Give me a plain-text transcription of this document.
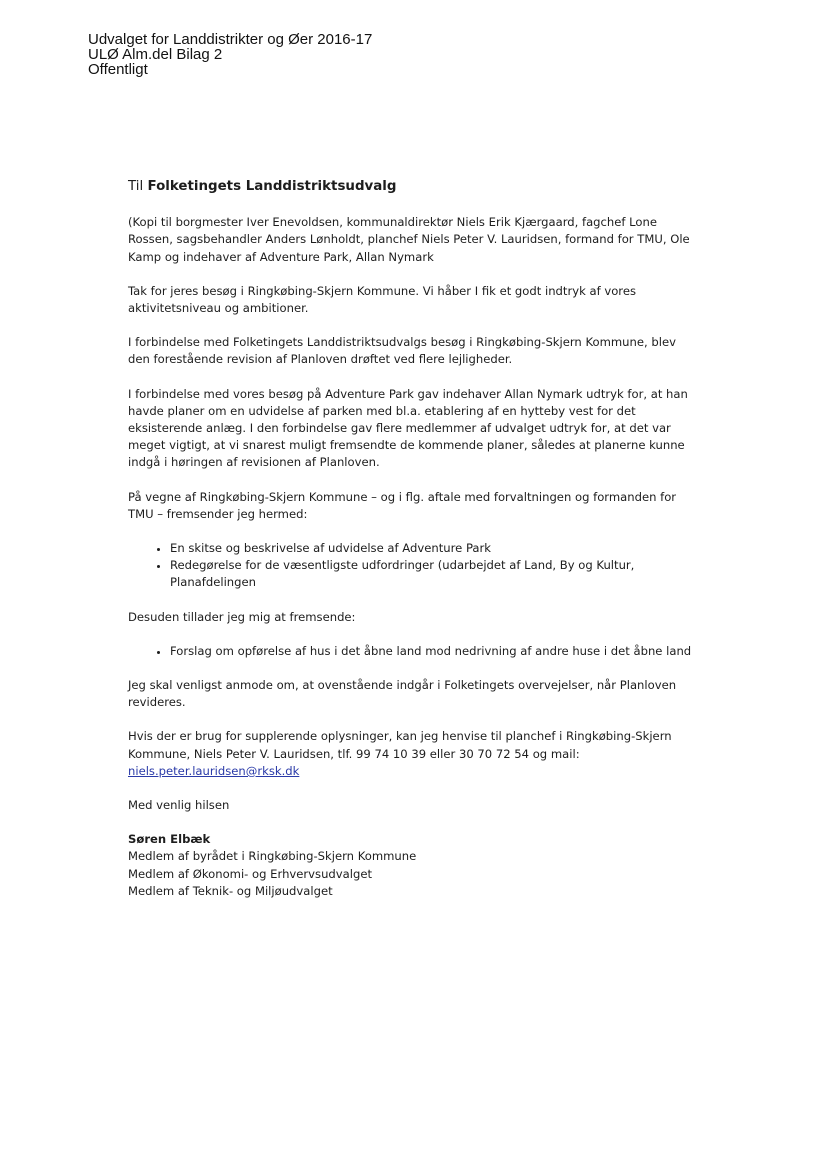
Udvalget for Landdistrikter og Øer 2016-17
ULØ Alm.del Bilag 2
Offentligt
Til Folketingets Landdistriktsudvalg

(Kopi til borgmester Iver Enevoldsen, kommunaldirektør Niels Erik Kjærgaard, fagchef Lone Rossen, sagsbehandler Anders Lønholdt, planchef Niels Peter V. Lauridsen, formand for TMU, Ole Kamp og indehaver af Adventure Park, Allan Nymark

Tak for jeres besøg i Ringkøbing-Skjern Kommune. Vi håber I fik et godt indtryk af vores aktivitetsniveau og ambitioner.

I forbindelse med Folketingets Landdistriktsudvalgs besøg i Ringkøbing-Skjern Kommune, blev den forestående revision af Planloven drøftet ved flere lejligheder.

I forbindelse med vores besøg på Adventure Park gav indehaver Allan Nymark udtryk for, at han havde planer om en udvidelse af parken med bl.a. etablering af en hytteby vest for det eksisterende anlæg. I den forbindelse gav flere medlemmer af udvalget udtryk for, at det var meget vigtigt, at vi snarest muligt fremsendte de kommende planer, således at planerne kunne indgå i høringen af revisionen af Planloven.

På vegne af Ringkøbing-Skjern Kommune – og i flg. aftale med forvaltningen og formanden for TMU – fremsender jeg hermed:

• En skitse og beskrivelse af udvidelse af Adventure Park
• Redegørelse for de væsentligste udfordringer (udarbejdet af Land, By og Kultur, Planafdelingen

Desuden tillader jeg mig at fremsende:

• Forslag om opførelse af hus i det åbne land mod nedrivning af andre huse i det åbne land

Jeg skal venligst anmode om, at ovenstående indgår i Folketingets overvejelser, når Planloven revideres.

Hvis der er brug for supplerende oplysninger, kan jeg henvise til planchef i Ringkøbing-Skjern Kommune, Niels Peter V. Lauridsen, tlf. 99 74 10 39 eller 30 70 72 54 og mail:
niels.peter.lauridsen@rksk.dk

Med venlig hilsen

Søren Elbæk
Medlem af byrådet i Ringkøbing-Skjern Kommune
Medlem af Økonomi- og Erhvervsudvalget
Medlem af Teknik- og Miljøudvalget
